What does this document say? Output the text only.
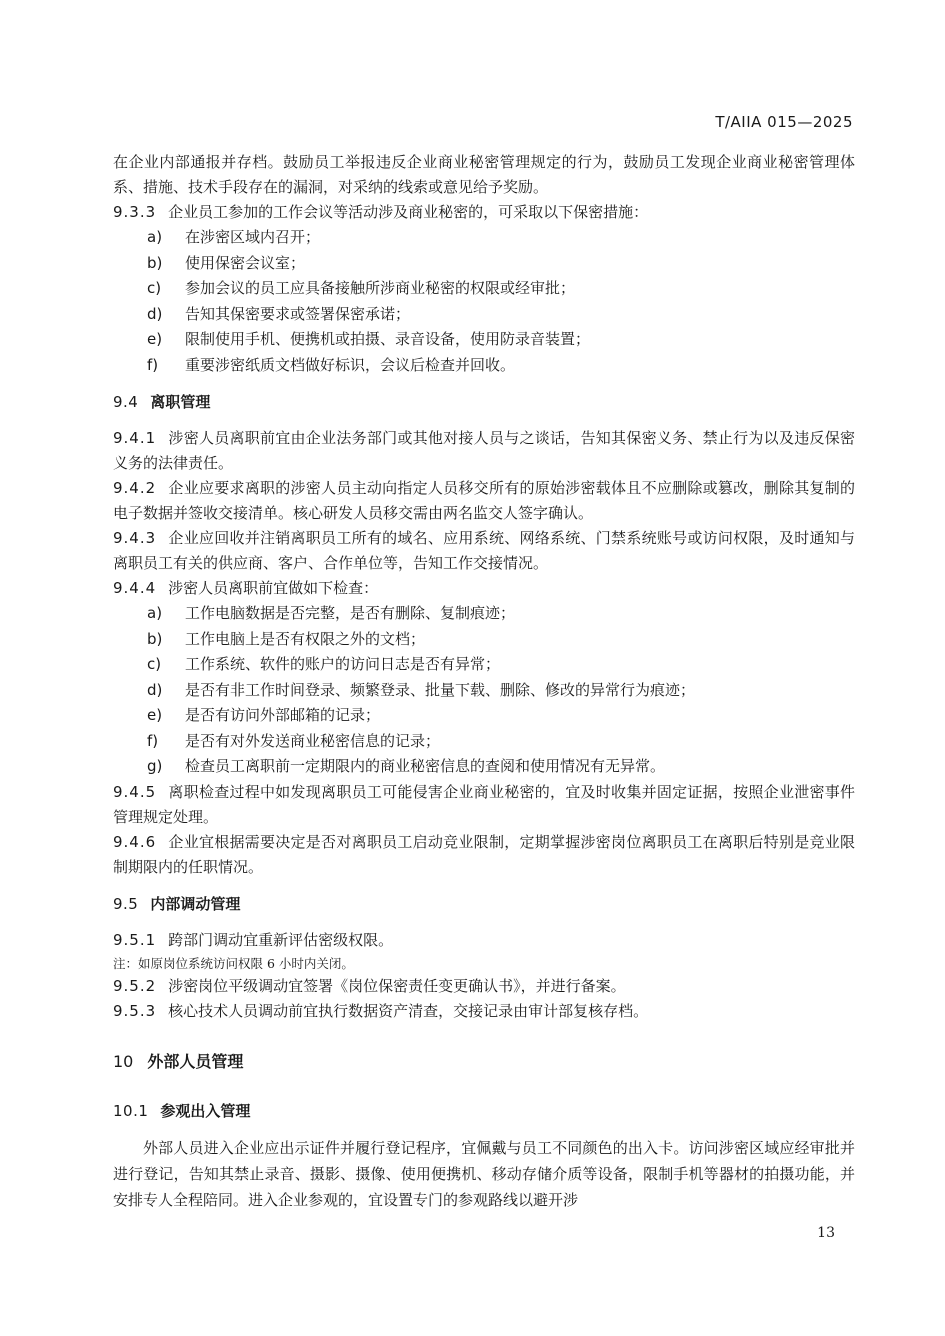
T/AIIA 015—2025

在企业内部通报并存档。鼓励员工举报违反企业商业秘密管理规定的行为，鼓励员工发现企业商业秘密管理体系、措施、技术手段存在的漏洞，对采纳的线索或意见给予奖励。

9.3.3 企业员工参加的工作会议等活动涉及商业秘密的，可采取以下保密措施：

a) 在涉密区域内召开；
b) 使用保密会议室；
c) 参加会议的员工应具备接触所涉商业秘密的权限或经审批；
d) 告知其保密要求或签署保密承诺；
e) 限制使用手机、便携机或拍摄、录音设备，使用防录音装置；
f) 重要涉密纸质文档做好标识，会议后检查并回收。
9.4 离职管理

9.4.1 涉密人员离职前宜由企业法务部门或其他对接人员与之谈话，告知其保密义务、禁止行为以及违反保密义务的法律责任。

9.4.2 企业应要求离职的涉密人员主动向指定人员移交所有的原始涉密载体且不应删除或篡改，删除其复制的电子数据并签收交接清单。核心研发人员移交需由两名监交人签字确认。

9.4.3 企业应回收并注销离职员工所有的域名、应用系统、网络系统、门禁系统账号或访问权限，及时通知与离职员工有关的供应商、客户、合作单位等，告知工作交接情况。

9.4.4 涉密人员离职前宜做如下检查：

a) 工作电脑数据是否完整，是否有删除、复制痕迹；
b) 工作电脑上是否有权限之外的文档；
c) 工作系统、软件的账户的访问日志是否有异常；
d) 是否有非工作时间登录、频繁登录、批量下载、删除、修改的异常行为痕迹；
e) 是否有访问外部邮箱的记录；
f) 是否有对外发送商业秘密信息的记录；
g) 检查员工离职前一定期限内的商业秘密信息的查阅和使用情况有无异常。

9.4.5 离职检查过程中如发现离职员工可能侵害企业商业秘密的，宜及时收集并固定证据，按照企业泄密事件管理规定处理。

9.4.6 企业宜根据需要决定是否对离职员工启动竞业限制，定期掌握涉密岗位离职员工在离职后特别是竞业限制期限内的任职情况。

9.5 内部调动管理

9.5.1 跨部门调动宜重新评估密级权限。

注：如原岗位系统访问权限 6 小时内关闭。

9.5.2 涉密岗位平级调动宜签署《岗位保密责任变更确认书》，并进行备案。

9.5.3 核心技术人员调动前宜执行数据资产清查，交接记录由审计部复核存档。

10 外部人员管理
10.1 参观出入管理

外部人员进入企业应出示证件并履行登记程序，宜佩戴与员工不同颜色的出入卡。访问涉密区域应经审批并进行登记，告知其禁止录音、摄影、摄像、使用便携机、移动存储介质等设备，限制手机等器材的拍摄功能，并安排专人全程陪同。进入企业参观的，宜设置专门的参观路线以避开涉

13
